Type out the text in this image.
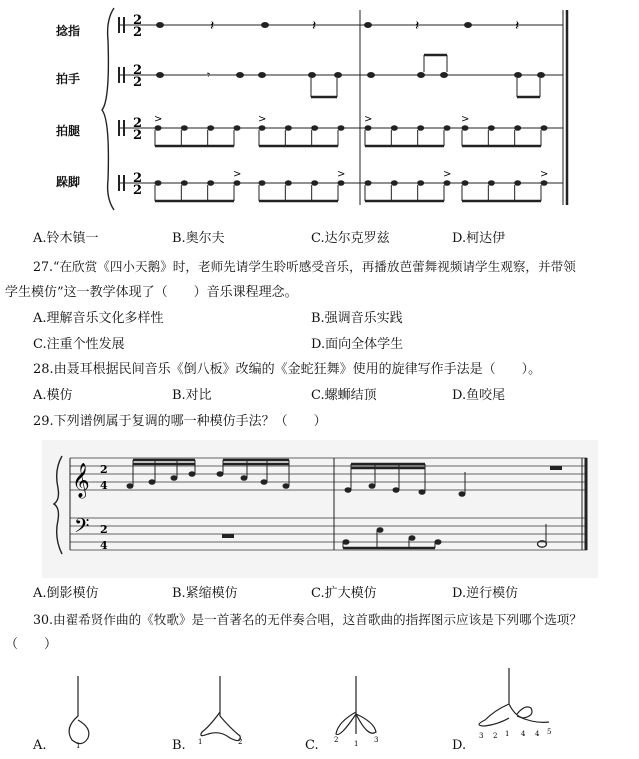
捻指
拍手
拍腿
跺脚
2
2	𝄽	𝄽	𝄽	𝄽
2
2	𝄾
2
2
>	>	>	>
2
2
>	>	>	>
A.铃木镇一	B.奥尔夫	C.达尔克罗兹	D.柯达伊
27.“在欣赏《四小天鹅》时，老师先请学生聆听感受音乐，再播放芭蕾舞视频请学生观察，并带领
学生模仿”这一教学体现了（　　）音乐课程理念。
A.理解音乐文化多样性	B.强调音乐实践
C.注重个性发展	D.面向全体学生
28.由聂耳根据民间音乐《倒八板》改编的《金蛇狂舞》使用的旋律写作手法是（　　）。
A.模仿	B.对比	C.螺蛳结顶	D.鱼咬尾
29.下列谱例属于复调的哪一种模仿手法？（　　）
𝄞
𝄢
2
4
2
4
A.倒影模仿	B.紧缩模仿	C.扩大模仿	D.逆行模仿
30.由翟希贤作曲的《牧歌》是一首著名的无伴奏合唱，这首歌曲的指挥图示应该是下列哪个选项？
（　　）
A.	B.	C.	D.
1	1	2	2 1 3	3 2 1 4 4 5
